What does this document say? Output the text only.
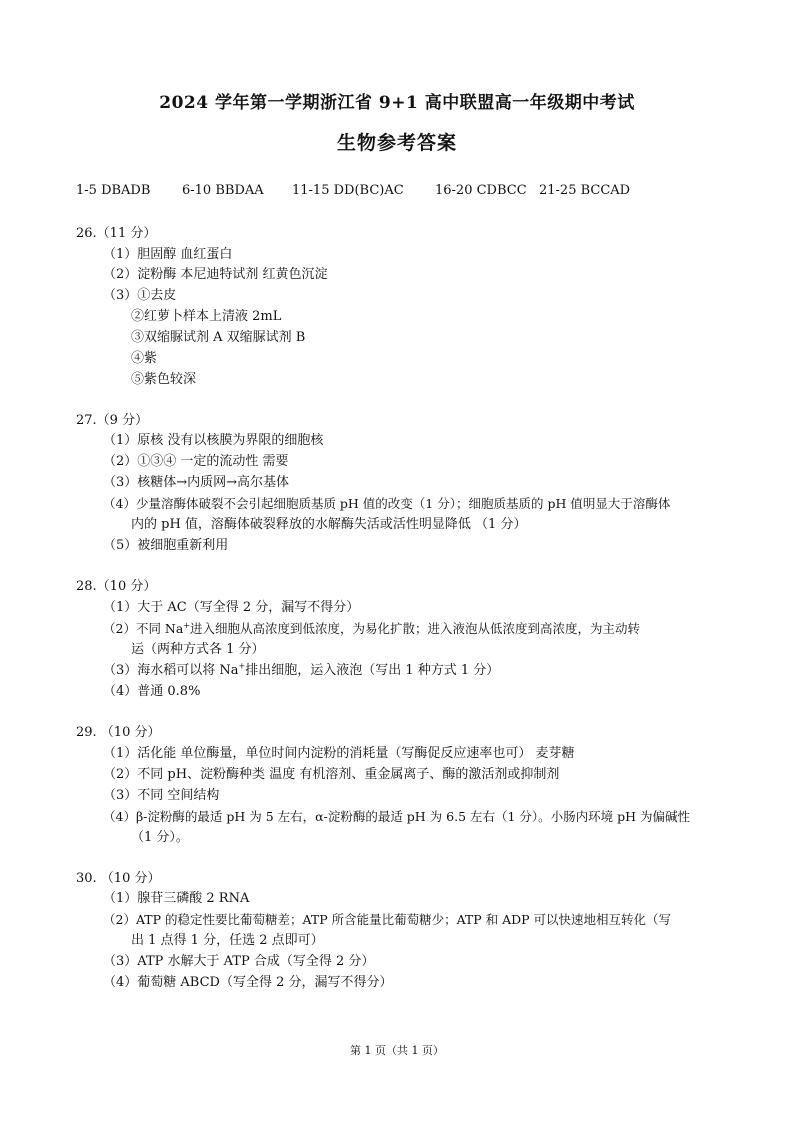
2024 学年第一学期浙江省 9+1 高中联盟高一年级期中考试
生物参考答案
1-5 DBADB 6-10 BBDAA 11-15 DD(BC)AC 16-20 CDBCC 21-25 BCCAD
26.（11 分）
（1）胆固醇 血红蛋白
（2）淀粉酶 本尼迪特试剂 红黄色沉淀
（3）①去皮
②红萝卜样本上清液 2mL
③双缩脲试剂 A 双缩脲试剂 B
④紫
⑤紫色较深
27.（9 分）
（1）原核 没有以核膜为界限的细胞核
（2）①③④ 一定的流动性 需要
（3）核糖体→内质网→高尔基体
（4）少量溶酶体破裂不会引起细胞质基质 pH 值的改变（1 分）；细胞质基质的 pH 值明显大于溶酶体
内的 pH 值，溶酶体破裂释放的水解酶失活或活性明显降低 （1 分）
（5）被细胞重新利用
28.（10 分）
（1）大于 AC（写全得 2 分，漏写不得分）
（2）不同 Na+进入细胞从高浓度到低浓度，为易化扩散；进入液泡从低浓度到高浓度，为主动转
运（两种方式各 1 分）
（3）海水稻可以将 Na+排出细胞，运入液泡（写出 1 种方式 1 分）
（4）普通 0.8%
29. （10 分）
（1）活化能 单位酶量，单位时间内淀粉的消耗量（写酶促反应速率也可） 麦芽糖
（2）不同 pH、淀粉酶种类 温度 有机溶剂、重金属离子、酶的激活剂或抑制剂
（3）不同 空间结构
（4）β-淀粉酶的最适 pH 为 5 左右，α-淀粉酶的最适 pH 为 6.5 左右（1 分）。小肠内环境 pH 为偏碱性
（1 分）。
30. （10 分）
（1）腺苷三磷酸 2 RNA
（2）ATP 的稳定性要比葡萄糖差；ATP 所含能量比葡萄糖少；ATP 和 ADP 可以快速地相互转化（写
出 1 点得 1 分，任选 2 点即可）
（3）ATP 水解大于 ATP 合成（写全得 2 分）
（4）葡萄糖 ABCD（写全得 2 分，漏写不得分）
第 1 页（共 1 页）
